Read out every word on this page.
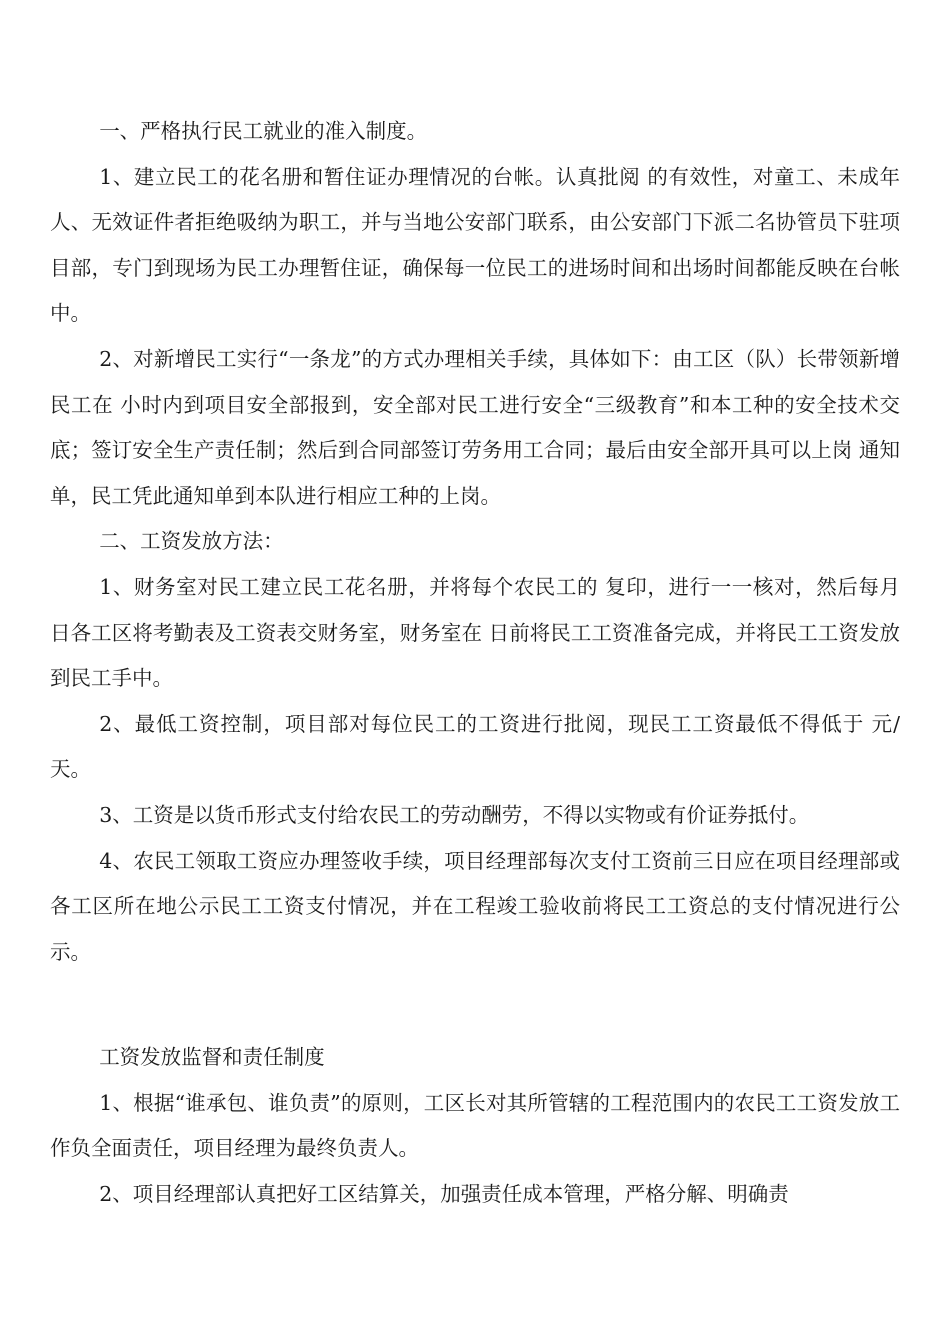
一、严格执行民工就业的准入制度。

1、建立民工的花名册和暂住证办理情况的台帐。认真批阅 的有效性，对童工、未成年人、无效证件者拒绝吸纳为职工，并与当地公安部门联系，由公安部门下派二名协管员下驻项目部，专门到现场为民工办理暂住证，确保每一位民工的进场时间和出场时间都能反映在台帐中。

2、对新增民工实行“一条龙”的方式办理相关手续，具体如下：由工区（队）长带领新增民工在 小时内到项目安全部报到，安全部对民工进行安全“三级教育”和本工种的安全技术交底；签订安全生产责任制；然后到合同部签订劳务用工合同；最后由安全部开具可以上岗 通知单，民工凭此通知单到本队进行相应工种的上岗。

二、工资发放方法：

1、财务室对民工建立民工花名册，并将每个农民工的 复印，进行一一核对，然后每月 日各工区将考勤表及工资表交财务室，财务室在 日前将民工工资准备完成，并将民工工资发放到民工手中。

2、最低工资控制，项目部对每位民工的工资进行批阅，现民工工资最低不得低于 元/天。

3、工资是以货币形式支付给农民工的劳动酬劳，不得以实物或有价证券抵付。

4、农民工领取工资应办理签收手续，项目经理部每次支付工资前三日应在项目经理部或各工区所在地公示民工工资支付情况，并在工程竣工验收前将民工工资总的支付情况进行公示。

工资发放监督和责任制度

1、根据“谁承包、谁负责”的原则，工区长对其所管辖的工程范围内的农民工工资发放工作负全面责任，项目经理为最终负责人。

2、项目经理部认真把好工区结算关，加强责任成本管理，严格分解、明确责
